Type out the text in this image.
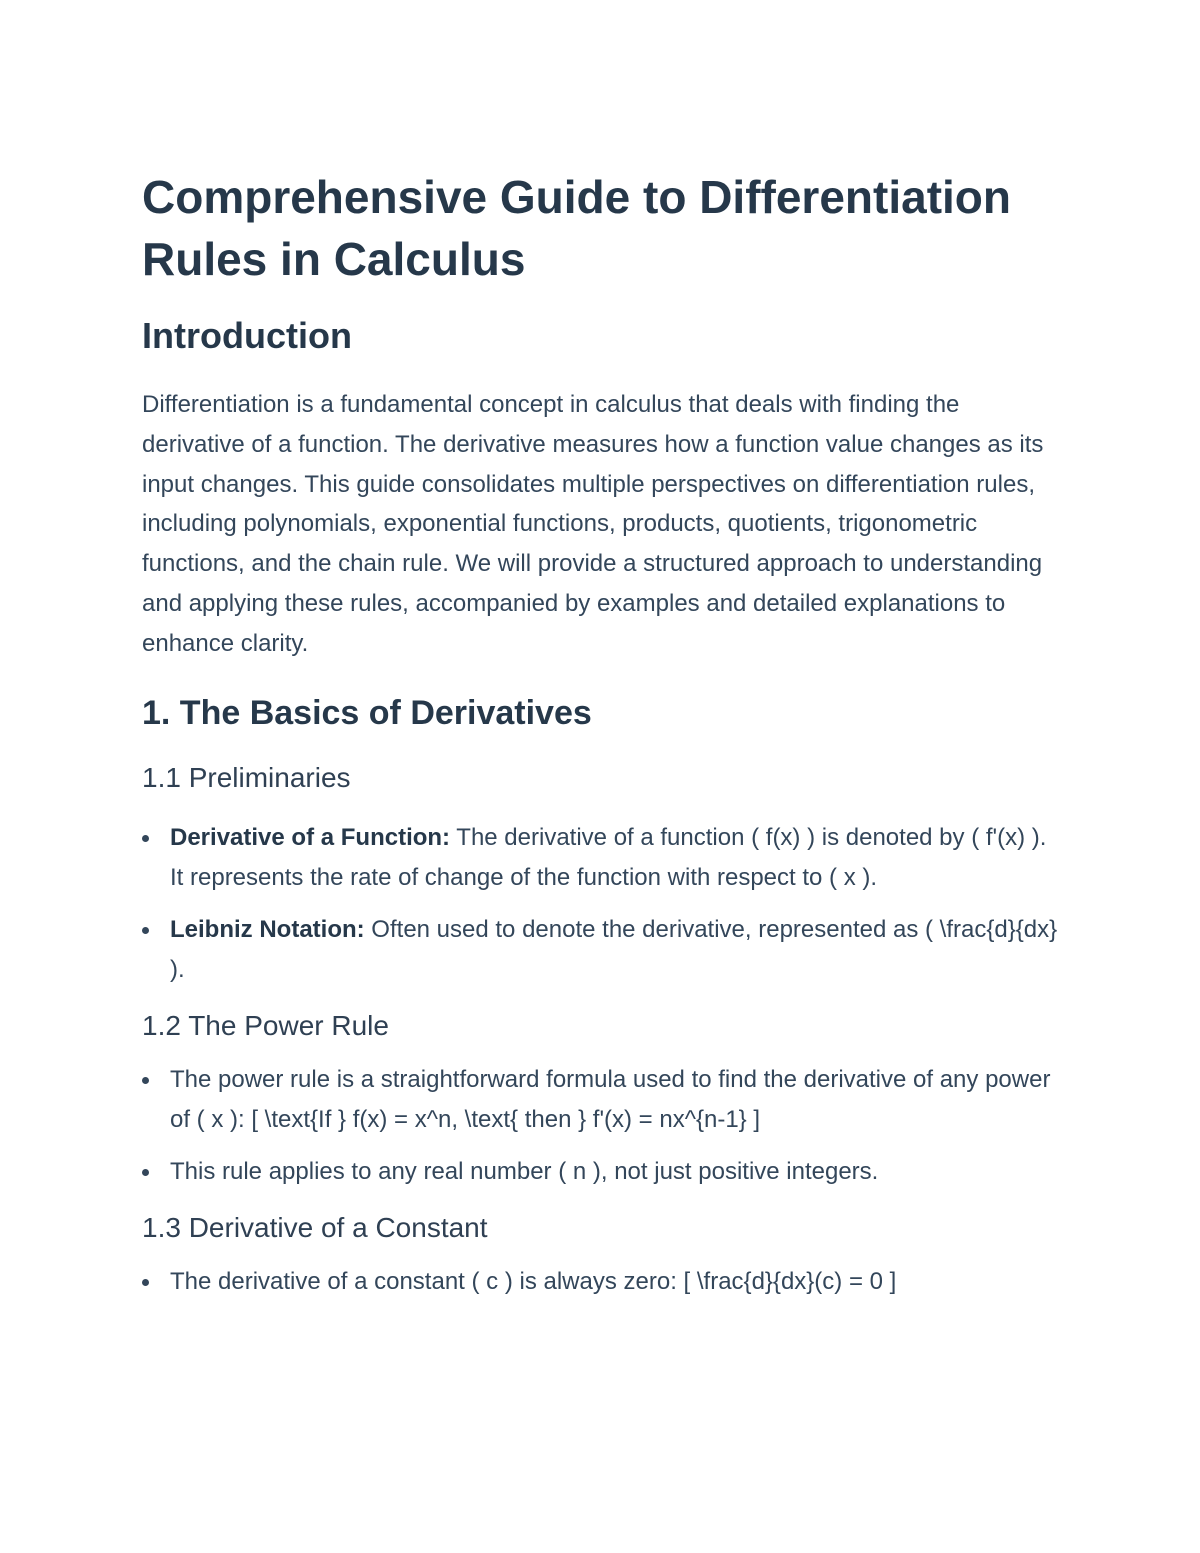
Comprehensive Guide to Differentiation Rules in Calculus
Introduction

Differentiation is a fundamental concept in calculus that deals with finding the derivative of a function. The derivative measures how a function value changes as its input changes. This guide consolidates multiple perspectives on differentiation rules, including polynomials, exponential functions, products, quotients, trigonometric functions, and the chain rule. We will provide a structured approach to understanding and applying these rules, accompanied by examples and detailed explanations to enhance clarity.

1. The Basics of Derivatives
1.1 Preliminaries
Derivative of a Function: The derivative of a function ( f(x) ) is denoted by ( f'(x) ). It represents the rate of change of the function with respect to ( x ).
Leibniz Notation: Often used to denote the derivative, represented as ( \frac{d}{dx} ).
1.2 The Power Rule
The power rule is a straightforward formula used to find the derivative of any power of ( x ): [ \text{If } f(x) = x^n, \text{ then } f'(x) = nx^{n-1} ]
This rule applies to any real number ( n ), not just positive integers.
1.3 Derivative of a Constant
The derivative of a constant ( c ) is always zero: [ \frac{d}{dx}(c) = 0 ]
